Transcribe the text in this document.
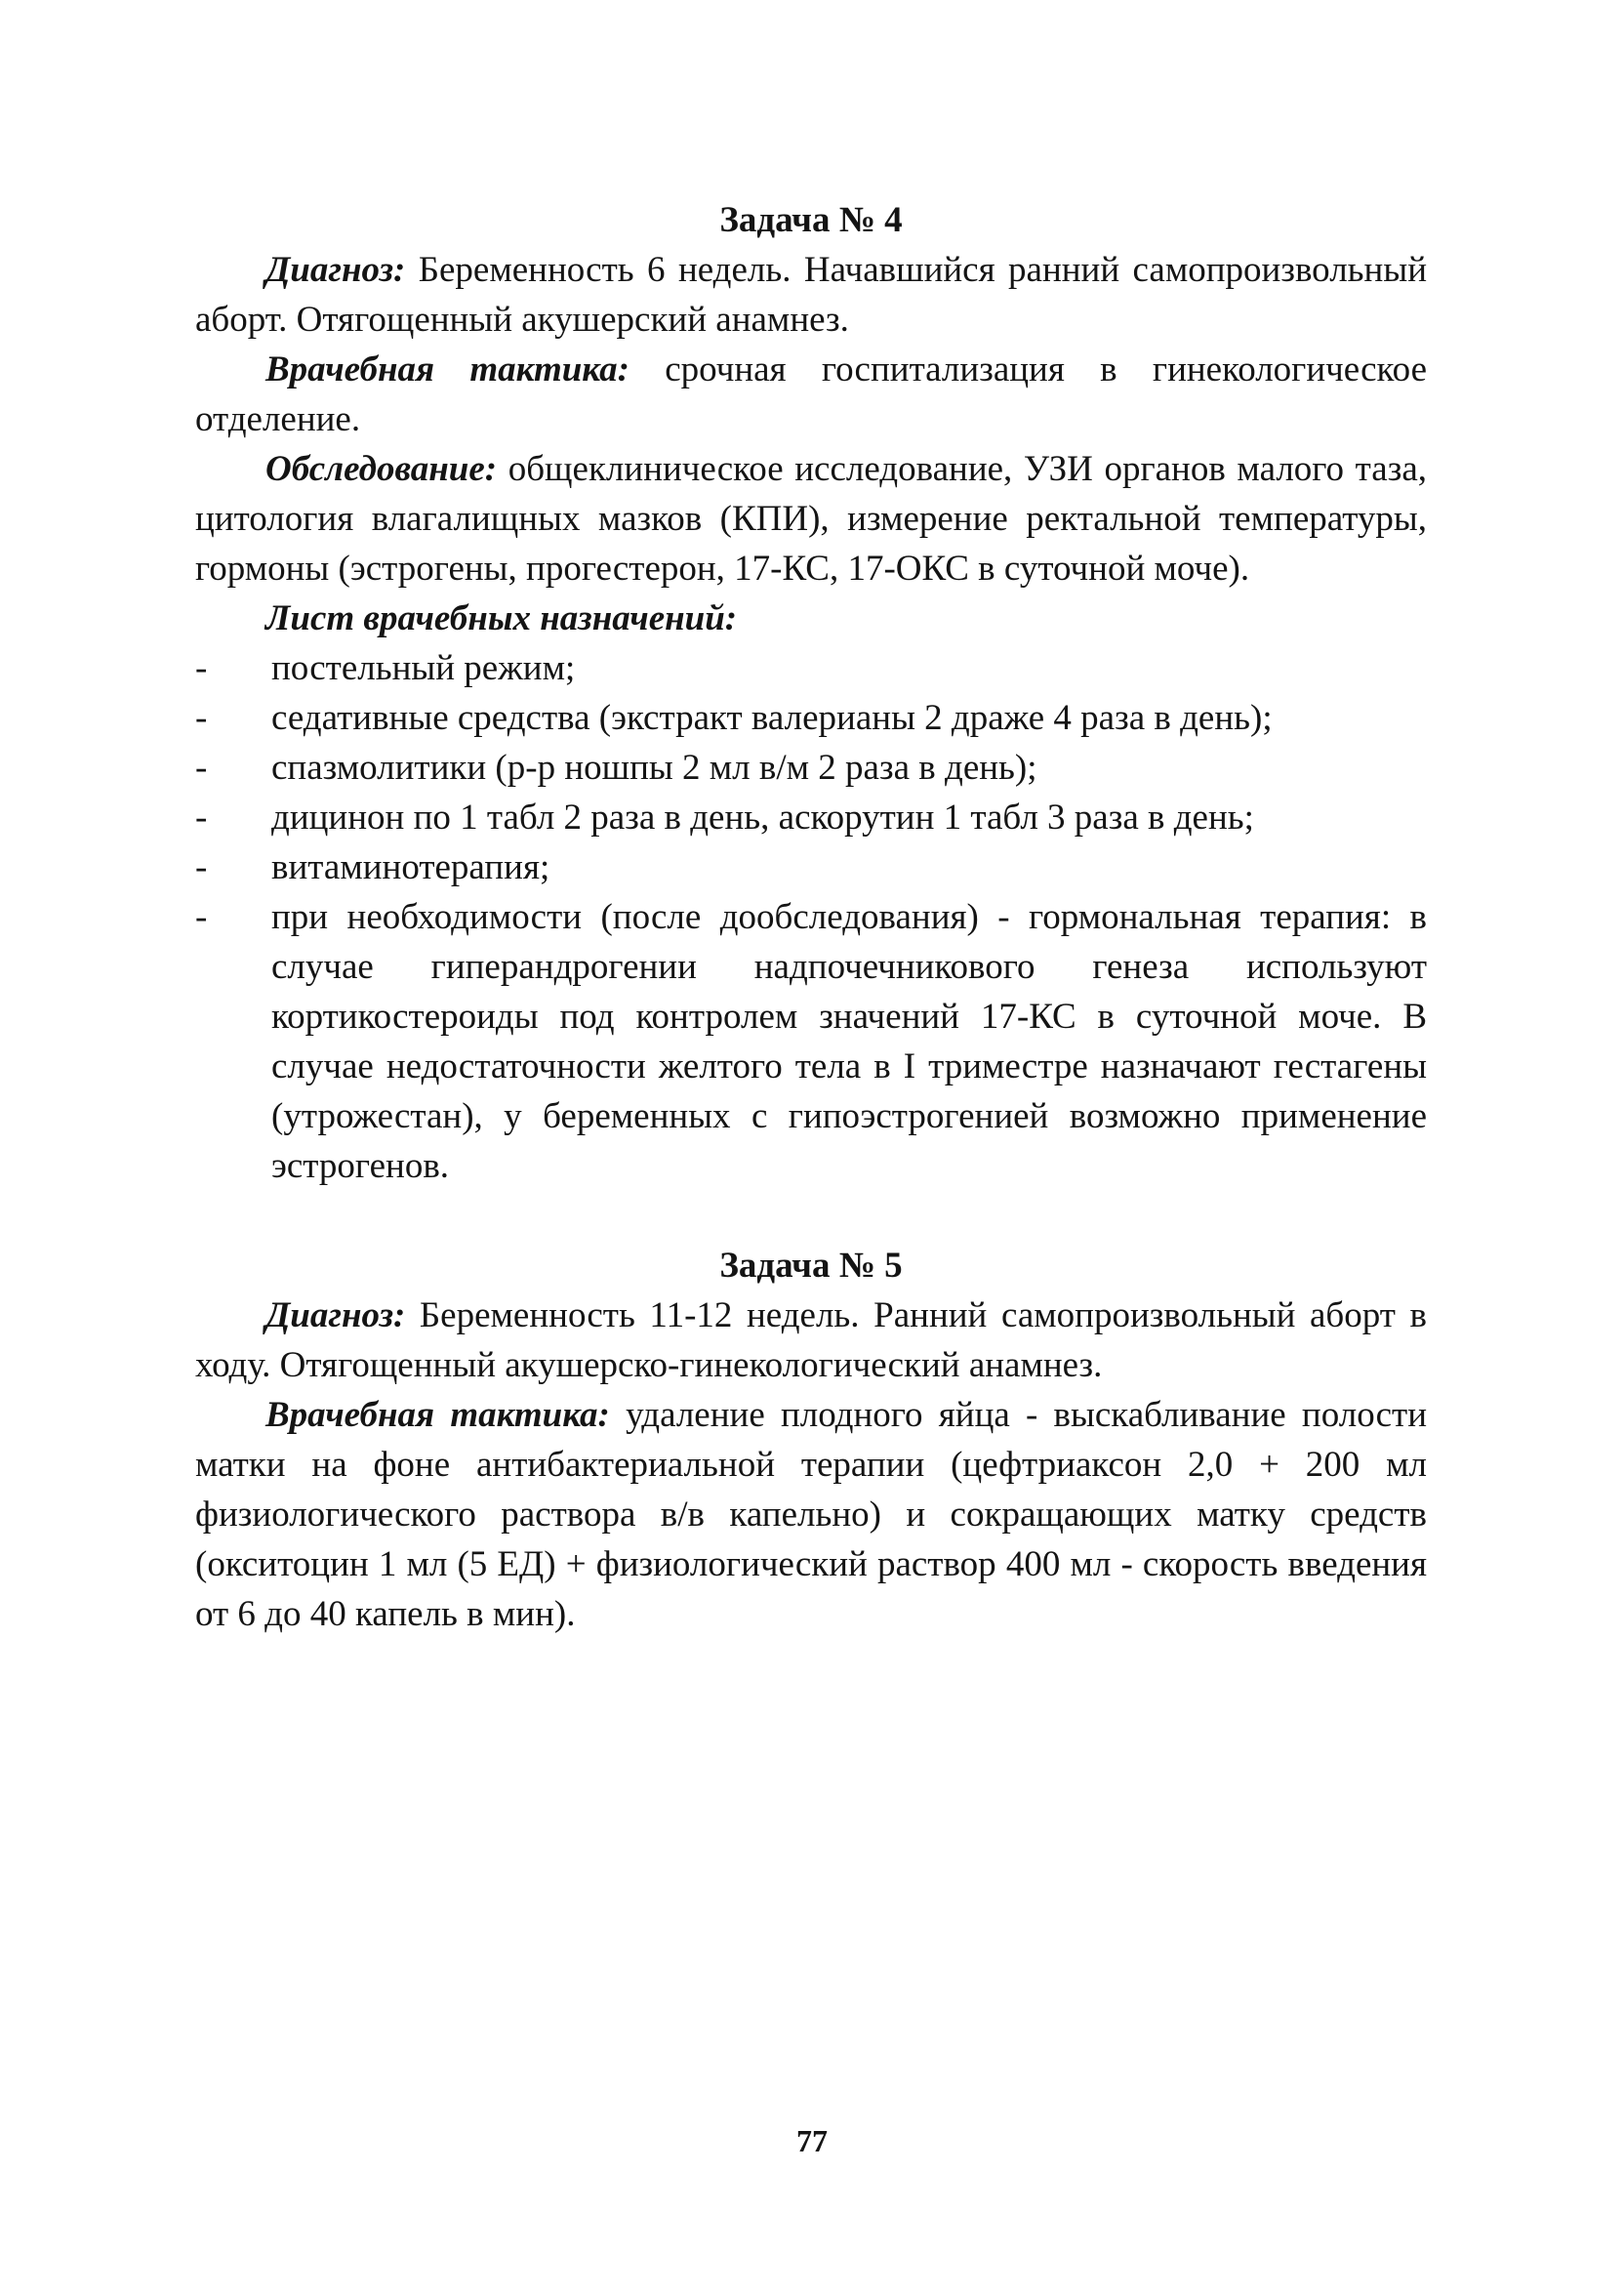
Задача № 4

Диагноз: Беременность 6 недель. Начавшийся ранний самопроизвольный аборт. Отягощенный акушерский анамнез.

Врачебная тактика: срочная госпитализация в гинекологическое отделение.

Обследование: общеклиническое исследование, УЗИ органов малого таза, цитология влагалищных мазков (КПИ), измерение ректальной температуры, гормоны (эстрогены, прогестерон, 17-КС, 17-ОКС в суточной моче).

Лист врачебных назначений:

- постельный режим;
- седативные средства (экстракт валерианы 2 драже 4 раза в день);
- спазмолитики (р-р ношпы 2 мл в/м 2 раза в день);
- дицинон по 1 табл 2 раза в день, аскорутин 1 табл 3 раза в день;
- витаминотерапия;
- при необходимости (после дообследования) - гормональная терапия: в случае гиперандрогении надпочечникового генеза используют кортикостероиды под контролем значений 17-КС в суточной моче. В случае недостаточности желтого тела в I триместре назначают гестагены (утрожестан), у беременных с гипоэстрогенией возможно применение эстрогенов.

Задача № 5

Диагноз: Беременность 11-12 недель. Ранний самопроизвольный аборт в ходу. Отягощенный акушерско-гинекологический анамнез.

Врачебная тактика: удаление плодного яйца - выскабливание полости матки на фоне антибактериальной терапии (цефтриаксон 2,0 + 200 мл физиологического раствора в/в капельно) и сокращающих матку средств (окситоцин 1 мл (5 ЕД) + физиологический раствор 400 мл - скорость введения от 6 до 40 капель в мин).

77
